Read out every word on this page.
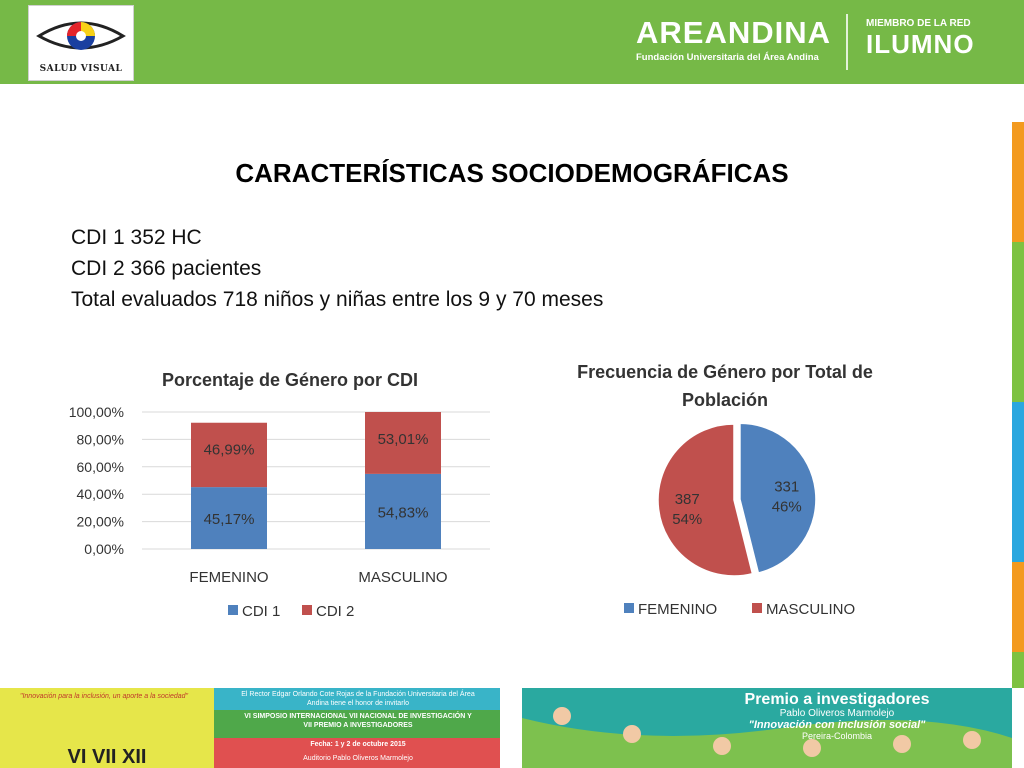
SALUD VISUAL
AREANDINA
Fundación Universitaria del Área Andina
MIEMBRO DE LA RED
ILUMNO
CARACTERÍSTICAS SOCIODEMOGRÁFICAS
CDI 1 352 HC
CDI 2 366 pacientes
Total evaluados 718 niños y niñas entre los 9 y 70 meses
Porcentaje de Género por CDI	Frecuencia de Género por Total de
Población
0,00%
20,00%
40,00%
60,00%
80,00%
100,00%
45,17%
46,99%
FEMENINO
54,83%
53,01%
MASCULINO
CDI 1 CDI 2
331
46%
387
54%
FEMENINO	MASCULINO
"Innovación para la inclusión, un aporte a la sociedad"
VI VII XII
El Rector Edgar Orlando Cote Rojas de la Fundación Universitaria del Área Andina tiene el honor de invitarlo
VI SIMPOSIO INTERNACIONAL VII NACIONAL DE INVESTIGACIÓN Y VII PREMIO A INVESTIGADORES
Fecha: 1 y 2 de octubre 2015
Auditorio Pablo Oliveros Marmolejo
Premio a investigadores
Pablo Oliveros Marmolejo
"Innovación con inclusión social"
Pereira-Colombia
